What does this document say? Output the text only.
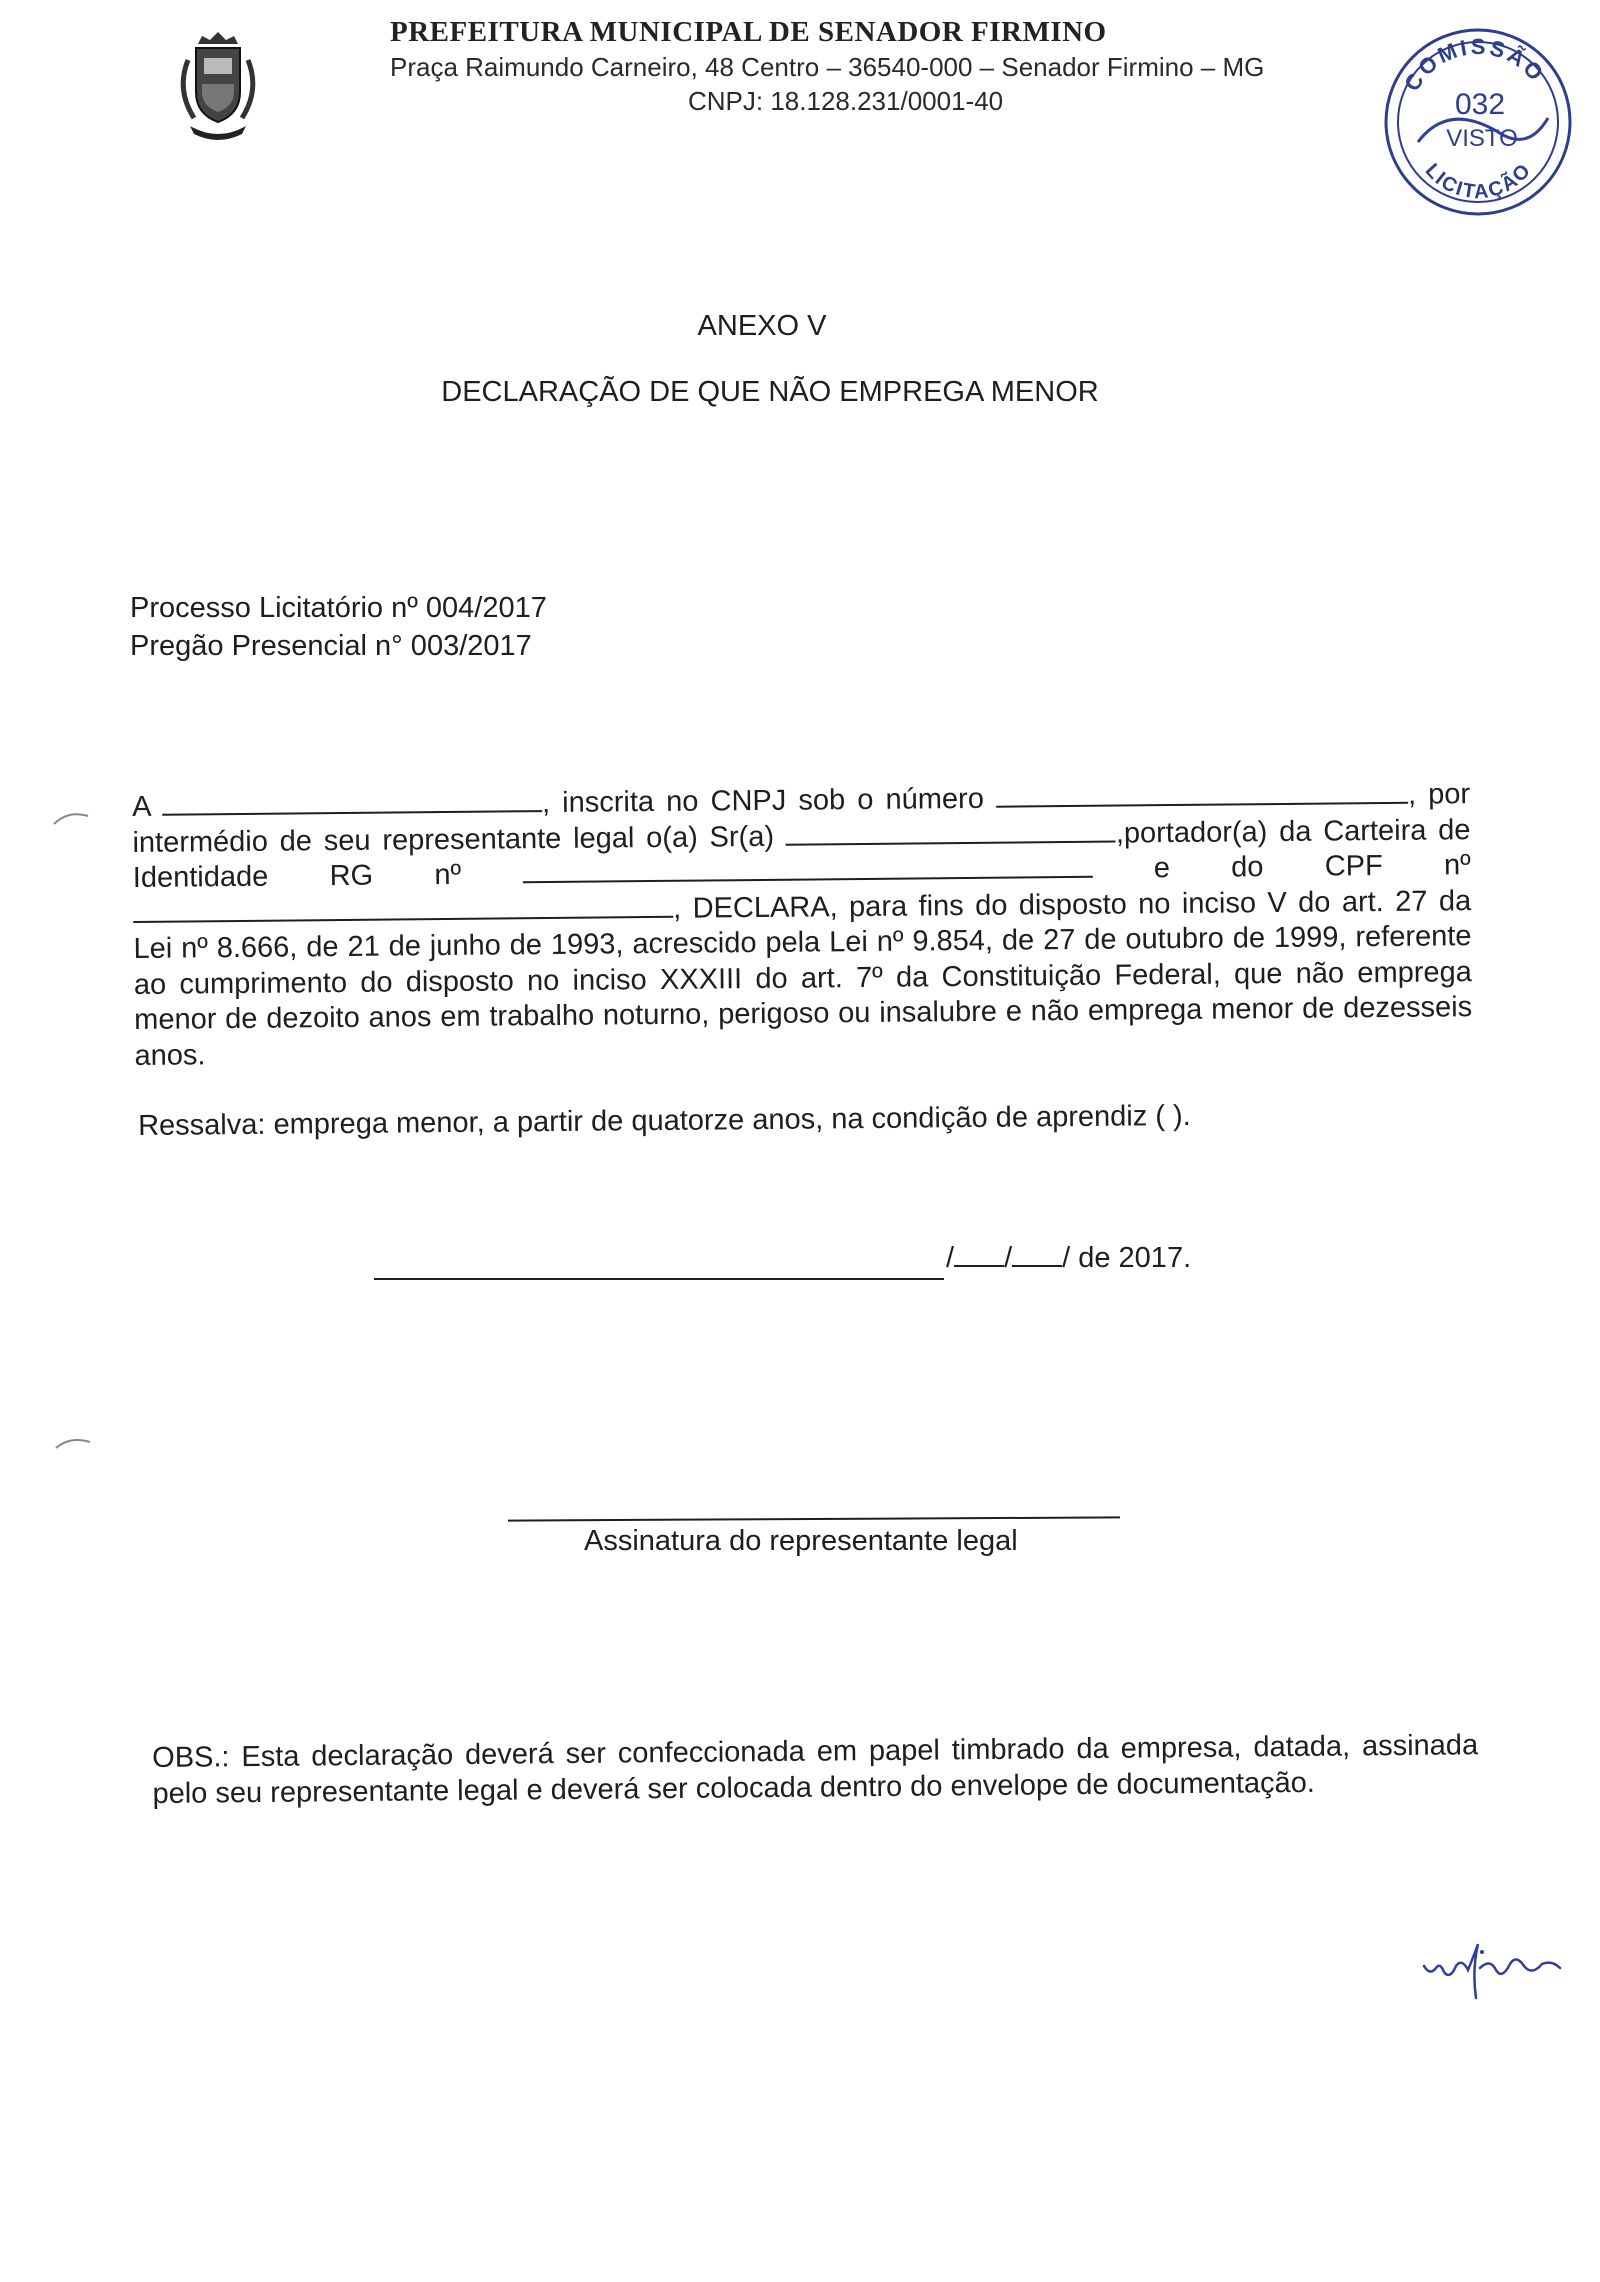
PREFEITURA MUNICIPAL DE SENADOR FIRMINO
Praça Raimundo Carneiro, 48 Centro – 36540-000 – Senador Firmino – MG
CNPJ: 18.128.231/0001-40
COMISSÃO
LICITAÇÃO
032
VISTO
ANEXO V
DECLARAÇÃO DE QUE NÃO EMPREGA MENOR
Processo Licitatório nº 004/2017
Pregão Presencial n° 003/2017
A	, inscrita no CNPJ sob o número	, por intermédio de seu representante legal o(a) Sr(a)	,portador(a) da Carteira de Identidade RG nº	e do CPF nº , DECLARA, para fins do disposto no inciso V do art. 27 da Lei nº 8.666, de 21 de junho de 1993, acrescido pela Lei nº 9.854, de 27 de outubro de 1999, referente ao cumprimento do disposto no inciso XXXIII do art. 7º da Constituição Federal, que não emprega menor de dezoito anos em trabalho noturno, perigoso ou insalubre e não emprega menor de dezesseis anos.
Ressalva: emprega menor, a partir de quatorze anos, na condição de aprendiz ( ).
/ / / de 2017.
Assinatura do representante legal
OBS.: Esta declaração deverá ser confeccionada em papel timbrado da empresa, datada, assinada pelo seu representante legal e deverá ser colocada dentro do envelope de documentação.
